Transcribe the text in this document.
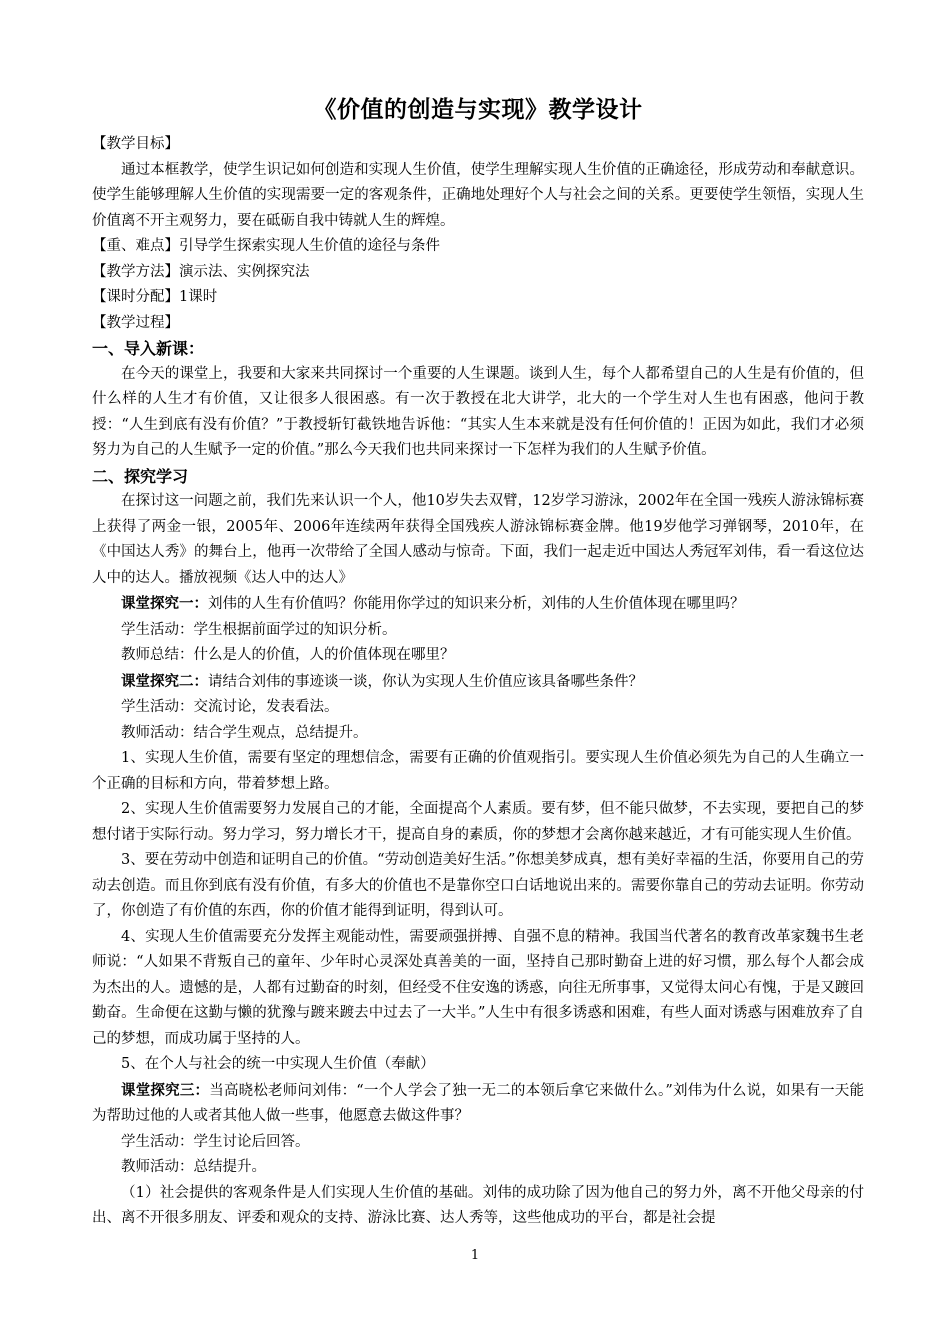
《价值的创造与实现》教学设计
【教学目标】

通过本框教学，使学生识记如何创造和实现人生价值，使学生理解实现人生价值的正确途径，形成劳动和奉献意识。使学生能够理解人生价值的实现需要一定的客观条件，正确地处理好个人与社会之间的关系。更要使学生领悟，实现人生价值离不开主观努力，要在砥砺自我中铸就人生的辉煌。

【重、难点】引导学生探索实现人生价值的途径与条件
【教学方法】演示法、实例探究法
【课时分配】1课时
【教学过程】
一、导入新课：

在今天的课堂上，我要和大家来共同探讨一个重要的人生课题。谈到人生，每个人都希望自己的人生是有价值的，但什么样的人生才有价值，又让很多人很困惑。有一次于教授在北大讲学，北大的一个学生对人生也有困惑，他问于教授：“人生到底有没有价值？”于教授斩钉截铁地告诉他：“其实人生本来就是没有任何价值的！正因为如此，我们才必须努力为自己的人生赋予一定的价值。”那么今天我们也共同来探讨一下怎样为我们的人生赋予价值。

二、探究学习

在探讨这一问题之前，我们先来认识一个人，他10岁失去双臂，12岁学习游泳，2002年在全国一残疾人游泳锦标赛上获得了两金一银，2005年、2006年连续两年获得全国残疾人游泳锦标赛金牌。他19岁他学习弹钢琴，2010年，在《中国达人秀》的舞台上，他再一次带给了全国人感动与惊奇。下面，我们一起走近中国达人秀冠军刘伟，看一看这位达人中的达人。播放视频《达人中的达人》

课堂探究一：刘伟的人生有价值吗？你能用你学过的知识来分析，刘伟的人生价值体现在哪里吗？

学生活动：学生根据前面学过的知识分析。

教师总结：什么是人的价值，人的价值体现在哪里？

课堂探究二：请结合刘伟的事迹谈一谈，你认为实现人生价值应该具备哪些条件？

学生活动：交流讨论，发表看法。

教师活动：结合学生观点，总结提升。

1、实现人生价值，需要有坚定的理想信念，需要有正确的价值观指引。要实现人生价值必须先为自己的人生确立一个正确的目标和方向，带着梦想上路。

2、实现人生价值需要努力发展自己的才能，全面提高个人素质。要有梦，但不能只做梦，不去实现，要把自己的梦想付诸于实际行动。努力学习，努力增长才干，提高自身的素质，你的梦想才会离你越来越近，才有可能实现人生价值。

3、要在劳动中创造和证明自己的价值。“劳动创造美好生活。”你想美梦成真，想有美好幸福的生活，你要用自己的劳动去创造。而且你到底有没有价值，有多大的价值也不是靠你空口白话地说出来的。需要你靠自己的劳动去证明。你劳动了，你创造了有价值的东西，你的价值才能得到证明，得到认可。

4、实现人生价值需要充分发挥主观能动性，需要顽强拼搏、自强不息的精神。我国当代著名的教育改革家魏书生老师说：“人如果不背叛自己的童年、少年时心灵深处真善美的一面，坚持自己那时勤奋上进的好习惯，那么每个人都会成为杰出的人。遗憾的是，人都有过勤奋的时刻，但经受不住安逸的诱惑，向往无所事事，又觉得太问心有愧，于是又踱回勤奋。生命便在这勤与懒的犹豫与踱来踱去中过去了一大半。”人生中有很多诱惑和困难，有些人面对诱惑与困难放弃了自己的梦想，而成功属于坚持的人。

5、在个人与社会的统一中实现人生价值（奉献）

课堂探究三：当高晓松老师问刘伟：“一个人学会了独一无二的本领后拿它来做什么。”刘伟为什么说，如果有一天能为帮助过他的人或者其他人做一些事，他愿意去做这件事？

学生活动：学生讨论后回答。

教师活动：总结提升。

（1）社会提供的客观条件是人们实现人生价值的基础。刘伟的成功除了因为他自己的努力外，离不开他父母亲的付出、离不开很多朋友、评委和观众的支持、游泳比赛、达人秀等，这些他成功的平台，都是社会提

1
